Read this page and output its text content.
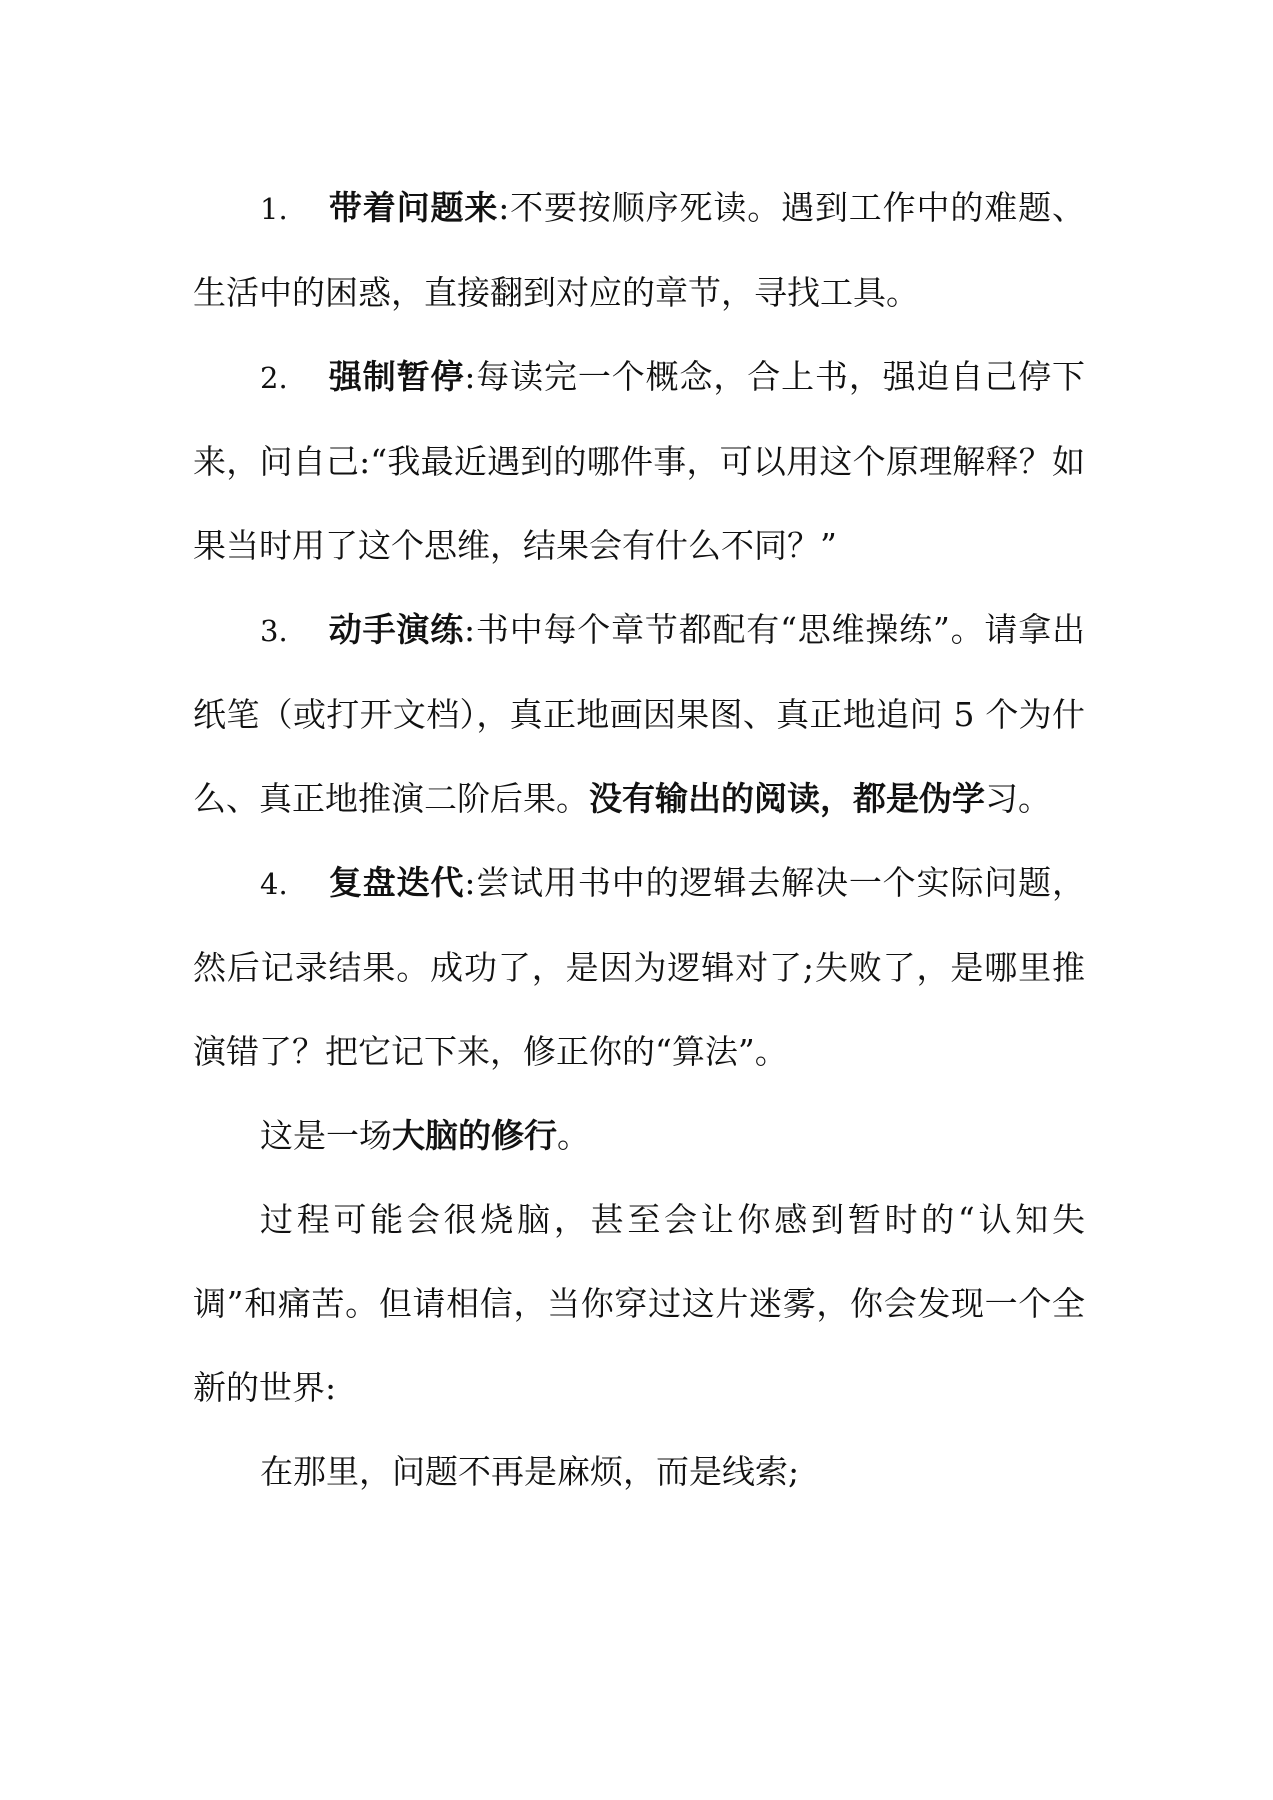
1. 带着问题来:不要按顺序死读。遇到工作中的难题、生活中的困惑，直接翻到对应的章节，寻找工具。

2. 强制暂停:每读完一个概念，合上书，强迫自己停下来，问自己:“我最近遇到的哪件事，可以用这个原理解释？如果当时用了这个思维，结果会有什么不同？”

3. 动手演练:书中每个章节都配有“思维操练”。请拿出纸笔（或打开文档），真正地画因果图、真正地追问 5 个为什么、真正地推演二阶后果。没有输出的阅读，都是伪学习。

4. 复盘迭代:尝试用书中的逻辑去解决一个实际问题，然后记录结果。成功了，是因为逻辑对了;失败了，是哪里推演错了？把它记下来，修正你的“算法”。

这是一场大脑的修行。

过程可能会很烧脑，甚至会让你感到暂时的“认知失调”和痛苦。但请相信，当你穿过这片迷雾，你会发现一个全新的世界:

在那里，问题不再是麻烦，而是线索;
